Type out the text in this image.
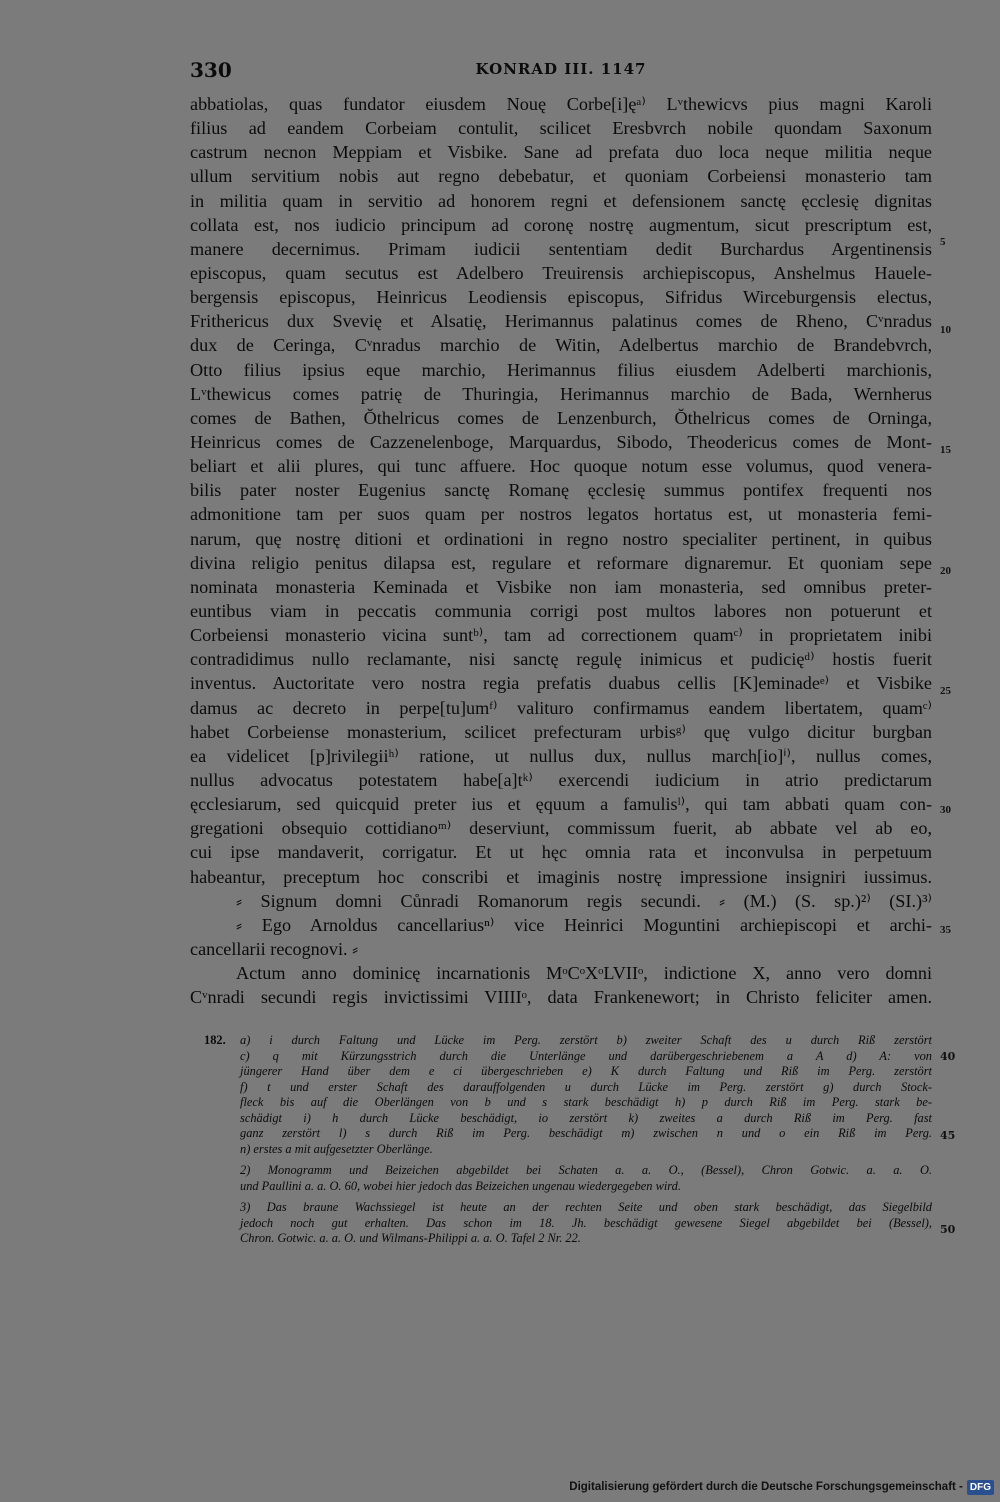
330	KONRAD III. 1147
abbatiolas, quas fundator eiusdem Nouę Corbe[i]ęᵃ⁾ Lᵛthewicvs pius magni Karoli
filius ad eandem Corbeiam contulit, scilicet Eresbvrch nobile quondam Saxonum
castrum necnon Meppiam et Visbike. Sane ad prefata duo loca neque militia neque
ullum servitium nobis aut regno debebatur, et quoniam Corbeiensi monasterio tam
in militia quam in servitio ad honorem regni et defensionem sanctę ęcclesię dignitas
collata est, nos iudicio principum ad coronę nostrę augmentum, sicut prescriptum est,
manere decernimus. Primam iudicii sententiam dedit Burchardus Argentinensis
episcopus, quam secutus est Adelbero Treuirensis archiepiscopus, Anshelmus Hauele-
bergensis episcopus, Heinricus Leodiensis episcopus, Sifridus Wirceburgensis electus,
Frithericus dux Svevię et Alsatię, Herimannus palatinus comes de Rheno, Cᵛnradus
dux de Ceringa, Cᵛnradus marchio de Witin, Adelbertus marchio de Brandebvrch,
Otto filius ipsius eque marchio, Herimannus filius eiusdem Adelberti marchionis,
Lᵛthewicus comes patrię de Thuringia, Herimannus marchio de Bada, Wernherus
comes de Bathen, Ŏthelricus comes de Lenzenburch, Ŏthelricus comes de Orninga,
Heinricus comes de Cazzenelenboge, Marquardus, Sibodo, Theodericus comes de Mont-
beliart et alii plures, qui tunc affuere. Hoc quoque notum esse volumus, quod venera-
bilis pater noster Eugenius sanctę Romanę ęcclesię summus pontifex frequenti nos
admonitione tam per suos quam per nostros legatos hortatus est, ut monasteria femi-
narum, quę nostrę ditioni et ordinationi in regno nostro specialiter pertinent, in quibus
divina religio penitus dilapsa est, regulare et reformare dignaremur. Et quoniam sepe
nominata monasteria Keminada et Visbike non iam monasteria, sed omnibus preter-
euntibus viam in peccatis communia corrigi post multos labores non potuerunt et
Corbeiensi monasterio vicina suntᵇ⁾, tam ad correctionem quamᶜ⁾ in proprietatem inibi
contradidimus nullo reclamante, nisi sanctę regulę inimicus et pudicięᵈ⁾ hostis fuerit
inventus. Auctoritate vero nostra regia prefatis duabus cellis [K]eminadeᵉ⁾ et Visbike
damus ac decreto in perpe[tu]umᶠ⁾ valituro confirmamus eandem libertatem, quamᶜ⁾
habet Corbeiense monasterium, scilicet prefecturam urbisᵍ⁾ quę vulgo dicitur burgban
ea videlicet [p]rivilegiiʰ⁾ ratione, ut nullus dux, nullus march[io]ⁱ⁾, nullus comes,
nullus advocatus potestatem habe[a]tᵏ⁾ exercendi iudicium in atrio predictarum
ęcclesiarum, sed quicquid preter ius et ęquum a famulisˡ⁾, qui tam abbati quam con-
gregationi obsequio cottidianoᵐ⁾ deserviunt, commissum fuerit, ab abbate vel ab eo,
cui ipse mandaverit, corrigatur. Et ut hęc omnia rata et inconvulsa in perpetuum
habeantur, preceptum hoc conscribi et imaginis nostrę impressione insigniri iussimus.
⸗ Signum domni Cůnradi Romanorum regis secundi. ⸗ (M.) (S. sp.)²⁾ (SI.)³⁾
⸗ Ego Arnoldus cancellariusⁿ⁾ vice Heinrici Moguntini archiepiscopi et archi-
cancellarii recognovi. ⸗
Actum anno dominicę incarnationis MᵒCᵒXᵒLVIIᵒ, indictione X, anno vero domni
Cᵛnradi secundi regis invictissimi VIIIIᵒ, data Frankenewort; in Christo feliciter amen.
5
10
15
20
25
30
35
182. a) i durch Faltung und Lücke im Perg. zerstört b) zweiter Schaft des u durch Riß zerstört
c) q mit Kürzungsstrich durch die Unterlänge und darübergeschriebenem a A d) A: von
jüngerer Hand über dem e ci übergeschrieben e) K durch Faltung und Riß im Perg. zerstört
f) t und erster Schaft des darauffolgenden u durch Lücke im Perg. zerstört g) durch Stock-
fleck bis auf die Oberlängen von b und s stark beschädigt h) p durch Riß im Perg. stark be-
schädigt i) h durch Lücke beschädigt, io zerstört k) zweites a durch Riß im Perg. fast
ganz zerstört l) s durch Riß im Perg. beschädigt m) zwischen n und o ein Riß im Perg.
n) erstes a mit aufgesetzter Oberlänge.
2) Monogramm und Beizeichen abgebildet bei Schaten a. a. O., (Bessel), Chron Gotwic. a. a. O.
und Paullini a. a. O. 60, wobei hier jedoch das Beizeichen ungenau wiedergegeben wird.
3) Das braune Wachssiegel ist heute an der rechten Seite und oben stark beschädigt, das Siegelbild
jedoch noch gut erhalten. Das schon im 18. Jh. beschädigt gewesene Siegel abgebildet bei (Bessel),
Chron. Gotwic. a. a. O. und Wilmans-Philippi a. a. O. Tafel 2 Nr. 22.
40
45
50
Digitalisierung gefördert durch die Deutsche Forschungsgemeinschaft - DFG
